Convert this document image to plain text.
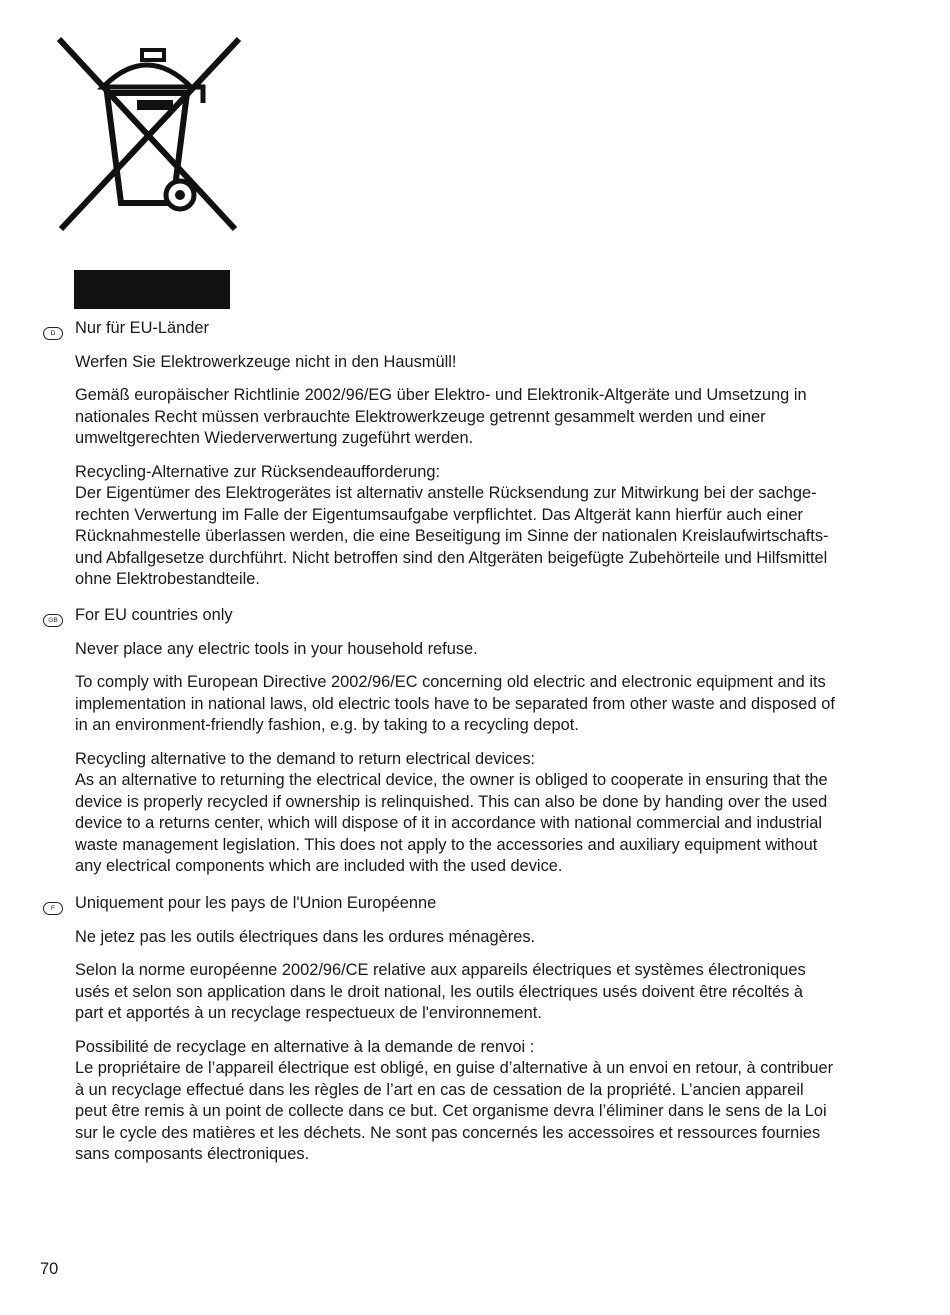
D	Nur für EU-Länder

Werfen Sie Elektrowerkzeuge nicht in den Hausmüll!

Gemäß europäischer Richtlinie 2002/96/EG über Elektro- und Elektronik-Altgeräte und Umsetzung in
nationales Recht müssen verbrauchte Elektrowerkzeuge getrennt gesammelt werden und einer
umweltgerechten Wiederverwertung zugeführt werden.

Recycling-Alternative zur Rücksendeaufforderung:
Der Eigentümer des Elektrogerätes ist alternativ anstelle Rücksendung zur Mitwirkung bei der sachge-
rechten Verwertung im Falle der Eigentumsaufgabe verpflichtet. Das Altgerät kann hierfür auch einer
Rücknahmestelle überlassen werden, die eine Beseitigung im Sinne der nationalen Kreislaufwirtschafts-
und Abfallgesetze durchführt. Nicht betroffen sind den Altgeräten beigefügte Zubehörteile und Hilfsmittel
ohne Elektrobestandteile.

GB	For EU countries only

Never place any electric tools in your household refuse.

To comply with European Directive 2002/96/EC concerning old electric and electronic equipment and its
implementation in national laws, old electric tools have to be separated from other waste and disposed of
in an environment-friendly fashion, e.g. by taking to a recycling depot.

Recycling alternative to the demand to return electrical devices:
As an alternative to returning the electrical device, the owner is obliged to cooperate in ensuring that the
device is properly recycled if ownership is relinquished. This can also be done by handing over the used
device to a returns center, which will dispose of it in accordance with national commercial and industrial
waste management legislation. This does not apply to the accessories and auxiliary equipment without
any electrical components which are included with the used device.

F	Uniquement pour les pays de l'Union Européenne

Ne jetez pas les outils électriques dans les ordures ménagères.

Selon la norme européenne 2002/96/CE relative aux appareils électriques et systèmes électroniques
usés et selon son application dans le droit national, les outils électriques usés doivent être récoltés à
part et apportés à un recyclage respectueux de l'environnement.

Possibilité de recyclage en alternative à la demande de renvoi :
Le propriétaire de l’appareil électrique est obligé, en guise d’alternative à un envoi en retour, à contribuer
à un recyclage effectué dans les règles de l’art en cas de cessation de la propriété. L’ancien appareil
peut être remis à un point de collecte dans ce but. Cet organisme devra l’éliminer dans le sens de la Loi
sur le cycle des matières et les déchets. Ne sont pas concernés les accessoires et ressources fournies
sans composants électroniques.

70
